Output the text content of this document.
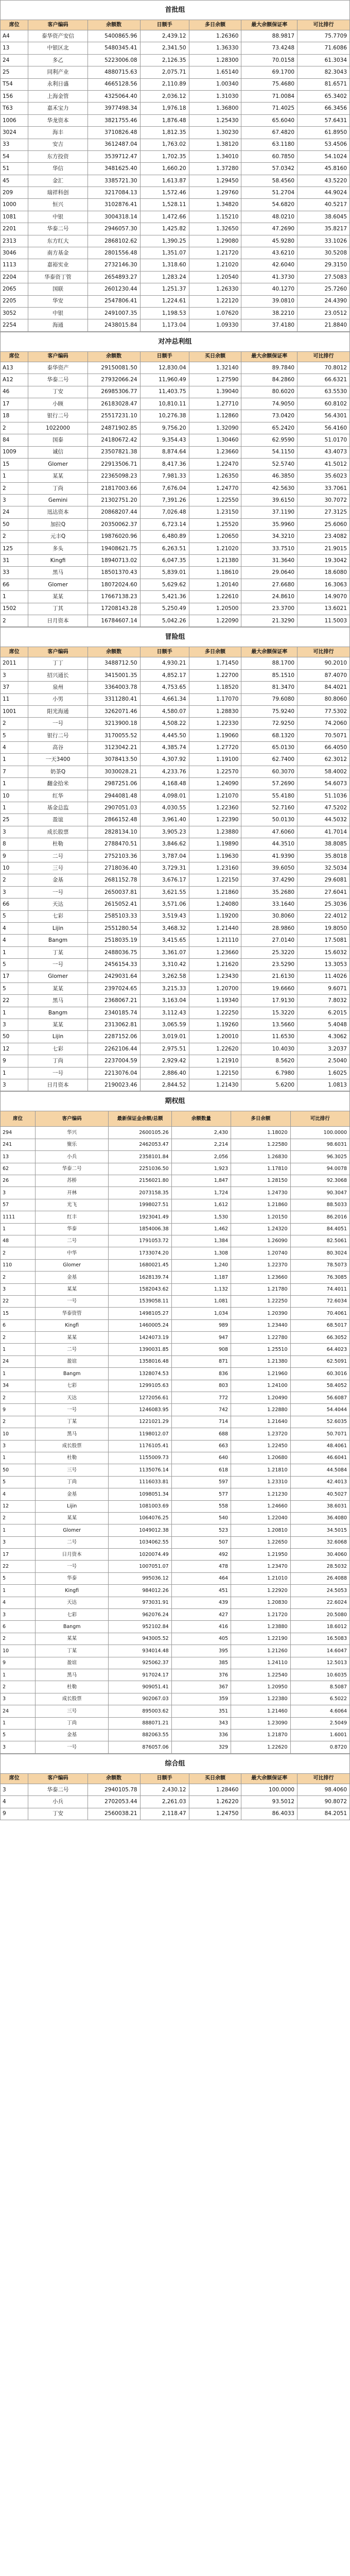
首批组
席位	客户编码	余额数	日额手	多日余额	最大余额保证率	可比排行
A4	泰华资产安信	5400865.96	2,439.12	1.26360	88.9817	75.7709
13	中银区北	5480345.41	2,341.50	1.36330	73.4248	71.6086
24	多乙	5223006.08	2,126.35	1.28300	70.0158	61.3034
25	同利产业	4880715.63	2,075.71	1.65140	69.1700	82.3043
T54	永利日盛	4665128.56	2,110.89	1.00340	75.4680	81.6571
156	上海金管	4325064.40	2,036.12	1.31030	71.0084	65.3402
T63	嘉禾宝力	3977498.34	1,976.18	1.36800	71.4025	66.3456
1006	华龙资本	3821755.46	1,876.48	1.25430	65.6040	57.6431
3024	海丰	3710826.48	1,812.35	1.30230	67.4820	61.8950
33	安吉	3612487.04	1,763.02	1.38120	63.1180	53.4506
54	东方投资	3539712.47	1,702.35	1.34010	60.7850	54.1024
51	华信	3481625.40	1,660.20	1.37280	57.0342	45.8160
45	金汇	3385721.30	1,613.87	1.29450	58.4560	43.5220
209	瑞祥科创	3217084.13	1,572.46	1.29760	51.2704	44.9024
1000	恒兴	3102876.41	1,528.11	1.34820	54.6820	40.5217
1081	中银	3004318.14	1,472.66	1.15210	48.0210	38.6045
2201	华泰二号	2946057.30	1,425.82	1.32650	47.2690	35.8217
2313	东方红大	2868102.62	1,390.25	1.29080	45.9280	33.1026
3046	南方基金	2801556.48	1,351.07	1.21720	43.6210	30.5208
1113	嘉裕实业	2732146.30	1,318.60	1.21020	42.6040	29.3150
2204	华泰资丁管	2654893.27	1,283.24	1.20540	41.3730	27.5083
2065	国联	2601230.44	1,251.37	1.26330	40.1270	25.7260
2205	华安	2547806.41	1,224.61	1.22120	39.0810	24.4390
3052	中银	2491007.35	1,198.53	1.07620	38.2210	23.0512
2254	海通	2438015.84	1,173.04	1.09330	37.4180	21.8840
对冲总利组
席位	客户编码	余额数	日额手	买日余额	最大余额保证率	可比排行
A13	泰华资产	29150081.50	12,830.04	1.32140	89.7840	70.8012
A12	华泰二号	27932066.24	11,960.49	1.27590	84.2860	66.6321
46	丁安	26985306.77	11,403.75	1.39040	80.6020	63.5530
17	小顾	26183028.47	10,810.11	1.27710	74.9050	60.8102
18	银行二号	25517231.10	10,276.38	1.12860	73.0420	56.4301
2	1022000	24871902.85	9,756.20	1.32090	65.2420	56.4160
84	国泰	24180672.42	9,354.43	1.30460	62.9590	51.0170
1009	诚信	23507821.38	8,874.64	1.23660	54.1150	43.4073
15	Glomer	22913506.71	8,417.36	1.22470	52.5740	41.5012
1	某某	22365098.23	7,981.33	1.26350	46.3850	35.6023
2	丁尚	21817003.66	7,676.04	1.24770	42.5630	33.7061
3	Gemini	21302751.20	7,391.26	1.22550	39.6150	30.7072
24	迅达资本	20868207.44	7,026.48	1.23150	37.1190	27.3125
50	加拉Q	20350062.37	6,723.14	1.25520	35.9960	25.6060
2	元丰Q	19876020.96	6,480.89	1.20650	34.3210	23.4082
125	多头	19408621.75	6,263.51	1.21020	33.7510	21.9015
31	Kingfi	18940713.02	6,047.35	1.21380	31.3640	19.3042
33	黑马	18501370.43	5,839.01	1.18610	29.0640	18.6080
66	Glomer	18072024.60	5,629.62	1.20140	27.6680	16.3063
1	某某	17667138.23	5,421.36	1.22610	24.8610	14.9070
1502	丁其	17208143.28	5,250.49	1.20500	23.3700	13.6021
2	日月资本	16784607.14	5,042.26	1.22090	21.3290	11.5003
冒险组
席位	客户编码	余额数	日额手	多日余额	最大余额保证率	可比排行
2011	丁丁	3488712.50	4,930.21	1.71450	88.1700	90.2010
3	招兴通长	3415001.35	4,852.17	1.22700	85.1510	87.4070
37	泉州	3364003.78	4,753.65	1.18520	81.3470	84.4021
11	小男	3311280.41	4,661.34	1.17070	79.6080	80.8060
1001	阳光海通	3262071.46	4,580.07	1.28830	75.9240	77.5302
2	一号	3213900.18	4,508.22	1.22330	72.9250	74.2060
5	银行二号	3170055.52	4,445.50	1.19060	68.1320	70.5071
4	高谷	3123042.21	4,385.74	1.27720	65.0130	66.4050
1	一天3400	3078413.50	4,307.92	1.19100	62.7400	62.3012
7	奶茶Q	3030028.21	4,233.76	1.22570	60.3070	58.4002
1	翻金拾米	2987251.06	4,168.48	1.24090	57.2690	54.6073
10	红华	2944081.48	4,098.01	1.21070	55.4180	51.1036
1	基金总监	2907051.03	4,030.55	1.22360	52.7160	47.5202
25	盈谊	2866152.48	3,961.40	1.22390	50.0130	44.5032
3	成长股票	2828134.10	3,905.23	1.23880	47.6060	41.7014
8	杜勒	2788470.51	3,846.62	1.19890	44.3510	38.8085
9	二号	2752103.36	3,787.04	1.19630	41.9390	35.8018
10	三号	2718036.40	3,729.31	1.23160	39.6050	32.5034
2	金基	2681152.78	3,676.17	1.22150	37.4290	29.6081
3	一号	2650037.81	3,621.55	1.21860	35.2680	27.6041
66	天达	2615052.41	3,571.06	1.24080	33.1640	25.3036
5	七彩	2585103.33	3,519.43	1.19200	30.8060	22.4012
4	Lijin	2551280.54	3,468.32	1.21440	28.9860	19.8050
4	Bangm	2518035.19	3,415.65	1.21110	27.0140	17.5081
1	丁某	2488036.75	3,361.07	1.23660	25.3220	15.6032
5	一号	2456154.33	3,310.42	1.21620	23.5290	13.3053
17	Glomer	2429031.64	3,262.58	1.23430	21.6130	11.4026
5	某某	2397024.65	3,215.33	1.20700	19.6660	9.6071
22	黑马	2368067.21	3,163.04	1.19340	17.9130	7.8032
1	Bangm	2340185.74	3,112.43	1.22250	15.3220	6.2015
3	某某	2313062.81	3,065.59	1.19260	13.5660	5.4048
50	Lijin	2287152.06	3,019.01	1.20010	11.6530	4.3062
12	七彩	2262106.44	2,975.51	1.22620	10.4030	3.2037
9	丁尚	2237004.59	2,929.42	1.21910	8.5620	2.5040
1	一号	2213076.04	2,886.40	1.22150	6.7980	1.6025
3	日月资本	2190023.46	2,844.52	1.21430	5.6200	1.0813
期权组
席位	客户编码	最新保证金余额/总额	余额数量	多日余额	可比排行
294	华兴	2600105.26	2,430	1.18020	100.0000
241	聚乐	2462053.47	2,214	1.22580	98.6031
13	小兵	2358101.84	2,056	1.26830	96.3025
62	华泰二号	2251036.50	1,923	1.17810	94.0078
26	苏桥	2156021.80	1,847	1.28150	92.3068
3	开林	2073158.35	1,724	1.24730	90.3047
57	光飞	1998027.51	1,612	1.21860	88.5033
1111	红丰	1923041.49	1,530	1.20150	86.2016
1	华泰	1854006.38	1,462	1.24320	84.4051
48	二号	1791053.72	1,384	1.26090	82.5061
2	中华	1733074.20	1,308	1.20740	80.3024
110	Glomer	1680021.45	1,240	1.22370	78.5073
2	金基	1628139.74	1,187	1.23660	76.3085
3	某某	1582043.62	1,132	1.21780	74.4011
22	一号	1539058.11	1,081	1.22250	72.6034
15	华泰资管	1498105.27	1,034	1.20390	70.4061
6	Kingfi	1460005.24	989	1.23440	68.5017
2	某某	1424073.19	947	1.22780	66.3052
1	二号	1390031.85	908	1.25510	64.4023
24	盈谊	1358016.48	871	1.21380	62.5091
1	Bangm	1328074.53	836	1.21960	60.3016
34	七彩	1299105.63	803	1.24100	58.4052
2	天达	1272056.61	772	1.20490	56.6087
9	一号	1246083.95	742	1.22880	54.4044
2	丁某	1221021.29	714	1.21640	52.6035
10	黑马	1198012.07	688	1.23720	50.7071
3	成长股票	1176105.41	663	1.22450	48.4061
1	杜勒	1155009.73	640	1.20680	46.6041
50	三号	1135076.14	618	1.21810	44.5084
5	丁尚	1116033.81	597	1.23310	42.4013
4	金基	1098051.34	577	1.21230	40.5027
12	Lijin	1081003.69	558	1.24660	38.6031
2	某某	1064076.25	540	1.22040	36.4080
1	Glomer	1049012.38	523	1.20810	34.5015
3	二号	1034062.55	507	1.22650	32.6068
17	日月资本	1020074.49	492	1.21950	30.4060
22	一号	1007051.07	478	1.23470	28.5032
5	华泰	995036.12	464	1.21010	26.4088
1	Kingfi	984012.26	451	1.22920	24.5053
4	天达	973031.91	439	1.20830	22.6024
3	七彩	962076.24	427	1.21720	20.5080
6	Bangm	952102.84	416	1.23880	18.6012
2	某某	943005.52	405	1.22190	16.5083
10	丁某	934014.48	395	1.21260	14.6047
9	盈谊	925062.37	385	1.24110	12.5013
1	黑马	917024.17	376	1.22540	10.6035
2	杜勒	909051.41	367	1.20950	8.5087
3	成长股票	902067.03	359	1.22380	6.5022
24	三号	895003.62	351	1.21460	4.6064
1	丁尚	888071.21	343	1.23090	2.5049
5	金基	882063.55	336	1.21870	1.6001
3	一号	876057.06	329	1.22620	0.8720
综合组
席位	客户编码	余额数	日额手	买日余额	最大余额保证率	可比排行
3	华泰二号	2940105.78	2,430.12	1.28460	100.0000	98.4060
4	小兵	2702053.44	2,261.03	1.26220	93.5012	90.8072
9	丁安	2560038.21	2,118.47	1.24750	86.4033	84.2051
